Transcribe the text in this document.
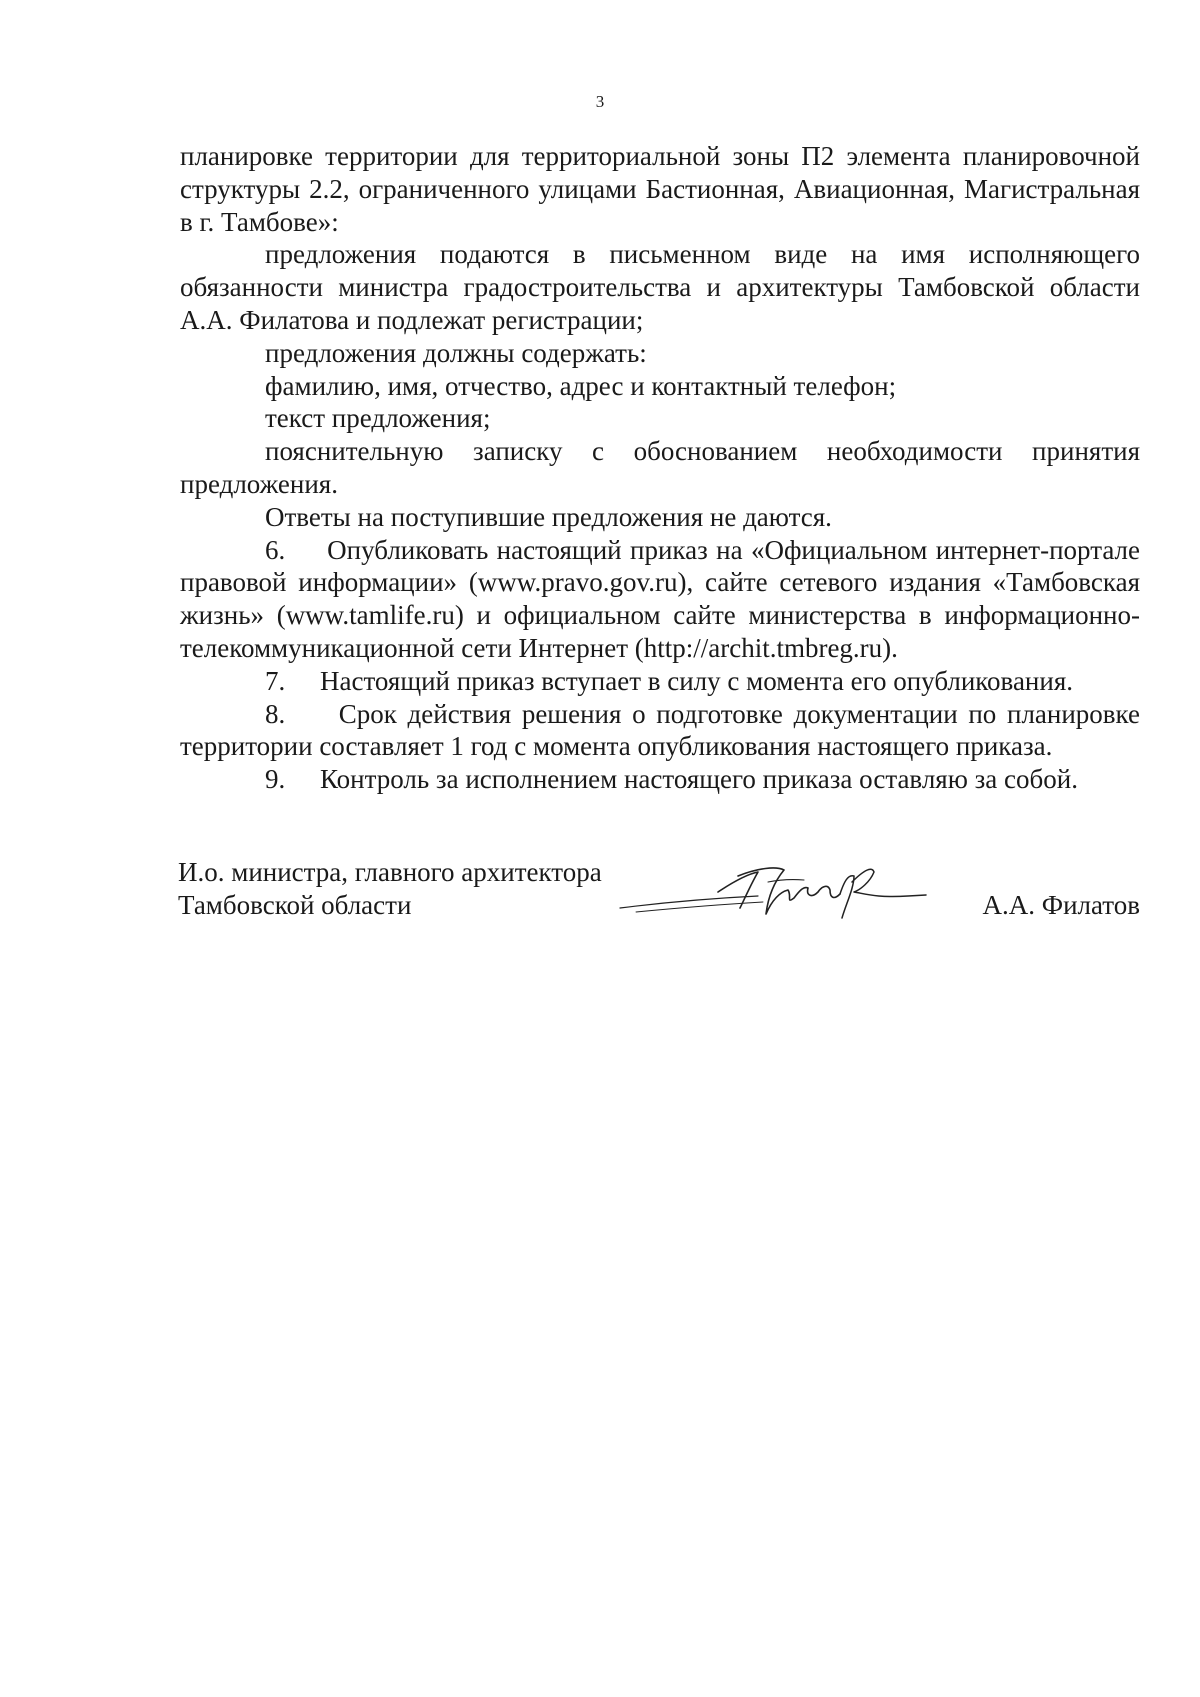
3

планировке территории для территориальной зоны П2 элемента планировочной структуры 2.2, ограниченного улицами Бастионная, Авиационная, Магистральная в г. Тамбове»:

предложения подаются в письменном виде на имя исполняющего обязанности министра градостроительства и архитектуры Тамбовской области А.А. Филатова и подлежат регистрации;

предложения должны содержать:

фамилию, имя, отчество, адрес и контактный телефон;

текст предложения;

пояснительную записку с обоснованием необходимости принятия предложения.

Ответы на поступившие предложения не даются.

6. Опубликовать настоящий приказ на «Официальном интернет-портале правовой информации» (www.pravo.gov.ru), сайте сетевого издания «Тамбовская жизнь» (www.tamlife.ru) и официальном сайте министерства в информационно-телекоммуникационной сети Интернет (http://archit.tmbreg.ru).

7.	Настоящий приказ вступает в силу с момента его опубликования.

8. Срок действия решения о подготовке документации по планировке территории составляет 1 год с момента опубликования настоящего приказа.

9.	Контроль за исполнением настоящего приказа оставляю за собой.

И.о. министра, главного архитектора

Тамбовской области	А.А. Филатов
